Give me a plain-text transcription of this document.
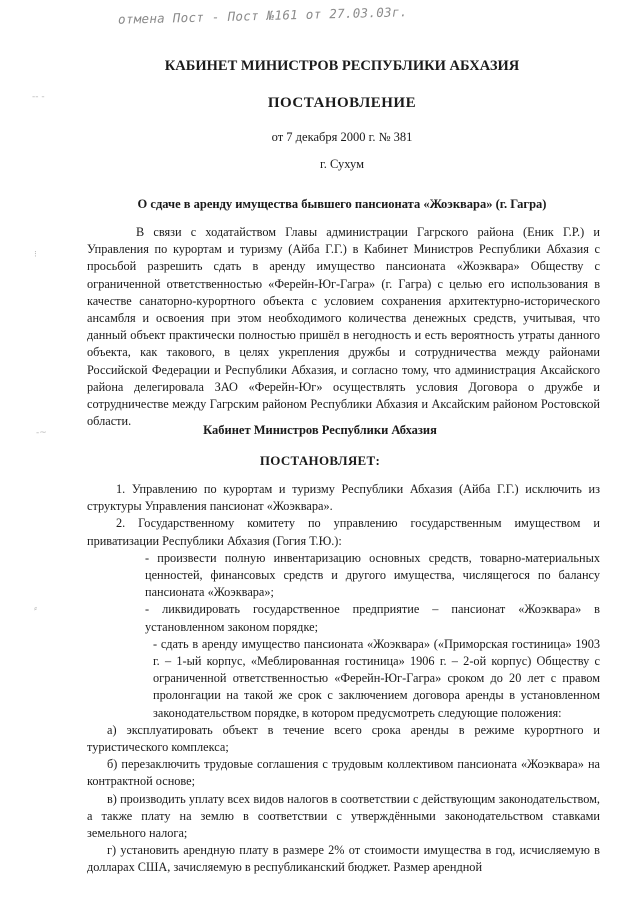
отмена Пост - Пост №161 от 27.03.03г.
-- -
⁝
-~
⸗
КАБИНЕТ МИНИСТРОВ РЕСПУБЛИКИ АБХАЗИЯ
ПОСТАНОВЛЕНИЕ
от 7 декабря 2000 г. № 381
г. Сухум
О сдаче в аренду имущества бывшего пансионата «Жоэквара» (г. Гагра)

В связи с ходатайством Главы администрации Гагрского района (Еник Г.Р.) и Управления по курортам и туризму (Айба Г.Г.) в Кабинет Министров Республики Абхазия с просьбой разрешить сдать в аренду имущество пансионата «Жоэквара» Обществу с ограниченной ответственностью «Ферейн-Юг-Гагра» (г. Гагра) с целью его использования в качестве санаторно-курортного объекта с условием сохранения архитектурно-исторического ансамбля и освоения при этом необходимого количества денежных средств, учитывая, что данный объект практически полностью пришёл в негодность и есть вероятность утраты данного объекта, как такового, в целях укрепления дружбы и сотрудничества между районами Российской Федерации и Республики Абхазия, и согласно тому, что администрация Аксайского района делегировала ЗАО «Ферейн-Юг» осуществлять условия Договора о дружбе и сотрудничестве между Гагрским районом Республики Абхазия и Аксайским районом Ростовской области.

Кабинет Министров Республики Абхазия
ПОСТАНОВЛЯЕТ:

1. Управлению по курортам и туризму Республики Абхазия (Айба Г.Г.) исключить из структуры Управления пансионат «Жоэквара».

2. Государственному комитету по управлению государственным имуществом и приватизации Республики Абхазия (Гогия Т.Ю.):

- произвести полную инвентаризацию основных средств, товарно-материальных ценностей, финансовых средств и другого имущества, числящегося по балансу пансионата «Жоэквара»;

- ликвидировать государственное предприятие – пансионат «Жоэквара» в установленном законом порядке;

- сдать в аренду имущество пансионата «Жоэквара» («Приморская гостиница» 1903 г. – 1-ый корпус, «Меблированная гостиница» 1906 г. – 2-ой корпус) Обществу с ограниченной ответственностью «Ферейн-Юг-Гагра» сроком до 20 лет с правом пролонгации на такой же срок с заключением договора аренды в установленном законодательством порядке, в котором предусмотреть следующие положения:

а) эксплуатировать объект в течение всего срока аренды в режиме курортного и туристического комплекса;

б) перезаключить трудовые соглашения с трудовым коллективом пансионата «Жоэквара» на контрактной основе;

в) производить уплату всех видов налогов в соответствии с действующим законодательством, а также плату на землю в соответствии с утверждёнными законодательством ставками земельного налога;

г) установить арендную плату в размере 2% от стоимости имущества в год, исчисляемую в долларах США, зачисляемую в республиканский бюджет. Размер арендной
